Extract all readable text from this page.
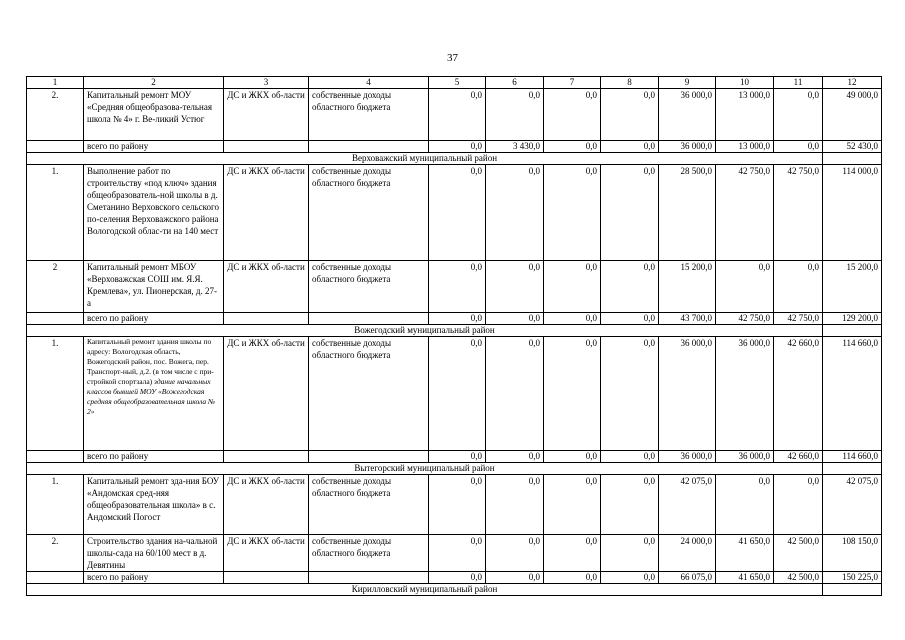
37
1	2	3	4	5	6	7	8	9	10	11	12
2.	Капитальный ремонт МОУ «Средняя общеобразова-тельная школа № 4» г. Ве-ликий Устюг	ДС и ЖКХ об-ласти	собственные доходы областного бюджета	0,0	0,0	0,0	0,0	36 000,0	13 000,0	0,0	49 000,0
	всего по району			0,0	3 430,0	0,0	0,0	36 000,0	13 000,0	0,0	52 430,0
Верховажский муниципальный район											
1.	Выполнение работ по строительству «под ключ» здания общеобразователь-ной школы в д. Сметанино Верховского сельского по-селения Верховажского района Вологодской облас-ти на 140 мест	ДС и ЖКХ об-ласти	собственные доходы областного бюджета	0,0	0,0	0,0	0,0	28 500,0	42 750,0	42 750,0	114 000,0
2	Капитальный ремонт МБОУ «Верховажская СОШ им. Я.Я. Кремлева», ул. Пионерская, д. 27-а	ДС и ЖКХ об-ласти	собственные доходы областного бюджета	0,0	0,0	0,0	0,0	15 200,0	0,0	0,0	15 200,0
	всего по району			0,0	0,0	0,0	0,0	43 700,0	42 750,0	42 750,0	129 200,0
Вожегодский муниципальный район											
1.	Капитальный ремонт здания школы по адресу: Вологодская область, Вожегодский район, пос. Вожега, пер. Транспорт-ный, д.2. (в том числе с при-стройкой спортзала) здание начальных классов бывшей МОУ «Вожегодская средняя общеобразовательная школа № 2»	ДС и ЖКХ об-ласти	собственные доходы областного бюджета	0,0	0,0	0,0	0,0	36 000,0	36 000,0	42 660,0	114 660,0
	всего по району			0,0	0,0	0,0	0,0	36 000,0	36 000,0	42 660,0	114 660,0
Вытегорский муниципальный район											
1.	Капитальный ремонт зда-ния БОУ «Андомская сред-няя общеобразовательная школа» в с. Андомский Погост	ДС и ЖКХ об-ласти	собственные доходы областного бюджета	0,0	0,0	0,0	0,0	42 075,0	0,0	0,0	42 075,0
2.	Строительство здания на-чальной школы-сада на 60/100 мест в д. Девятины	ДС и ЖКХ об-ласти	собственные доходы областного бюджета	0,0	0,0	0,0	0,0	24 000,0	41 650,0	42 500,0	108 150,0
	всего по району			0,0	0,0	0,0	0,0	66 075,0	41 650,0	42 500,0	150 225,0
Кирилловский муниципальный район											
